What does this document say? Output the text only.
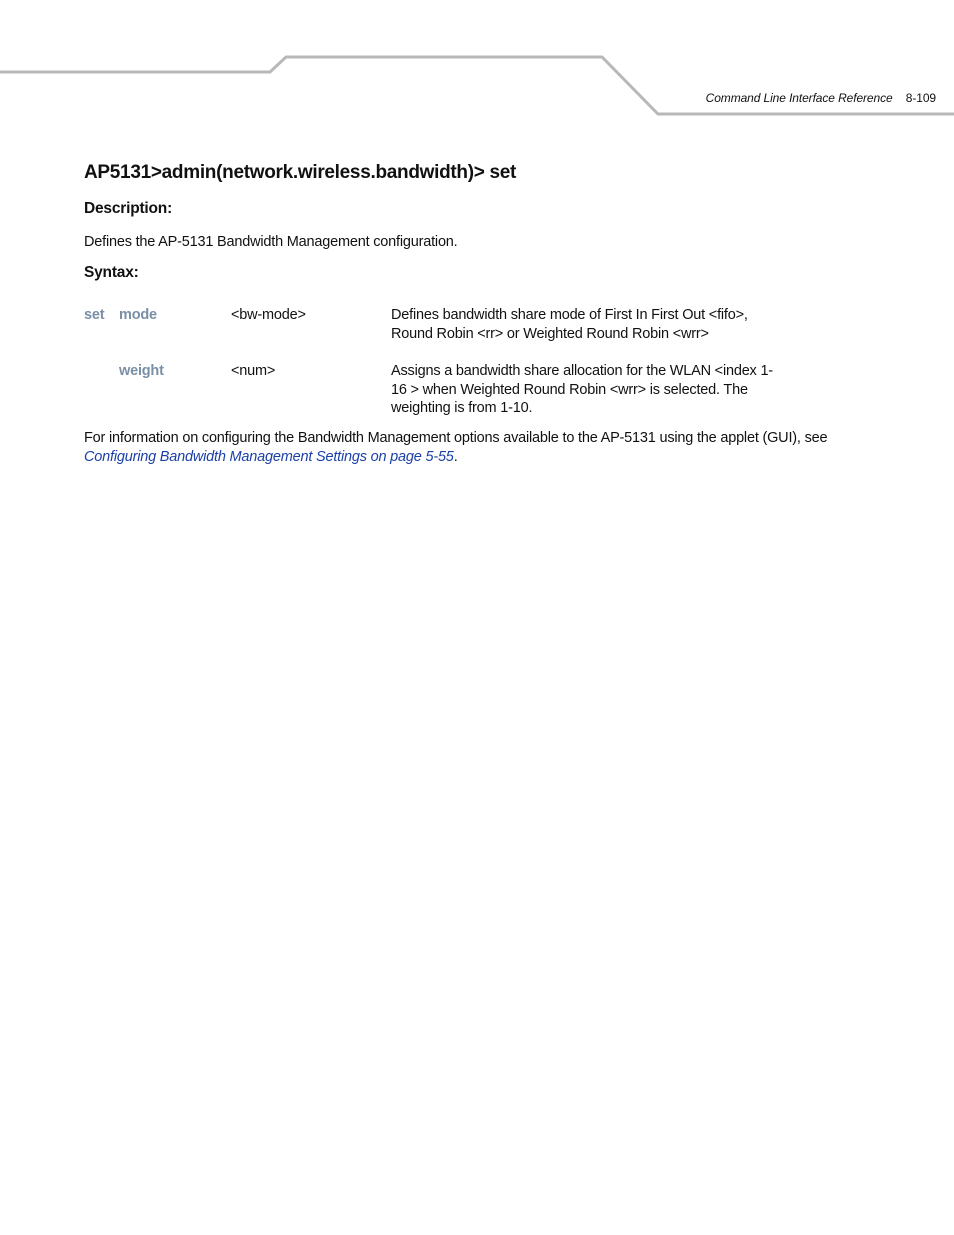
Command Line Interface Reference 8-109
AP5131>admin(network.wireless.bandwidth)> set
Description:

Defines the AP-5131 Bandwidth Management configuration.

Syntax:
set	mode	<bw-mode>	Defines bandwidth share mode of First In First Out <fifo>, Round Robin <rr> or Weighted Round Robin <wrr>
	weight	<num>	Assigns a bandwidth share allocation for the WLAN <index 1-16 > when Weighted Round Robin <wrr> is selected. The weighting is from 1-10.

For information on configuring the Bandwidth Management options available to the AP-5131 using the applet (GUI), see
Configuring Bandwidth Management Settings on page 5-55.
